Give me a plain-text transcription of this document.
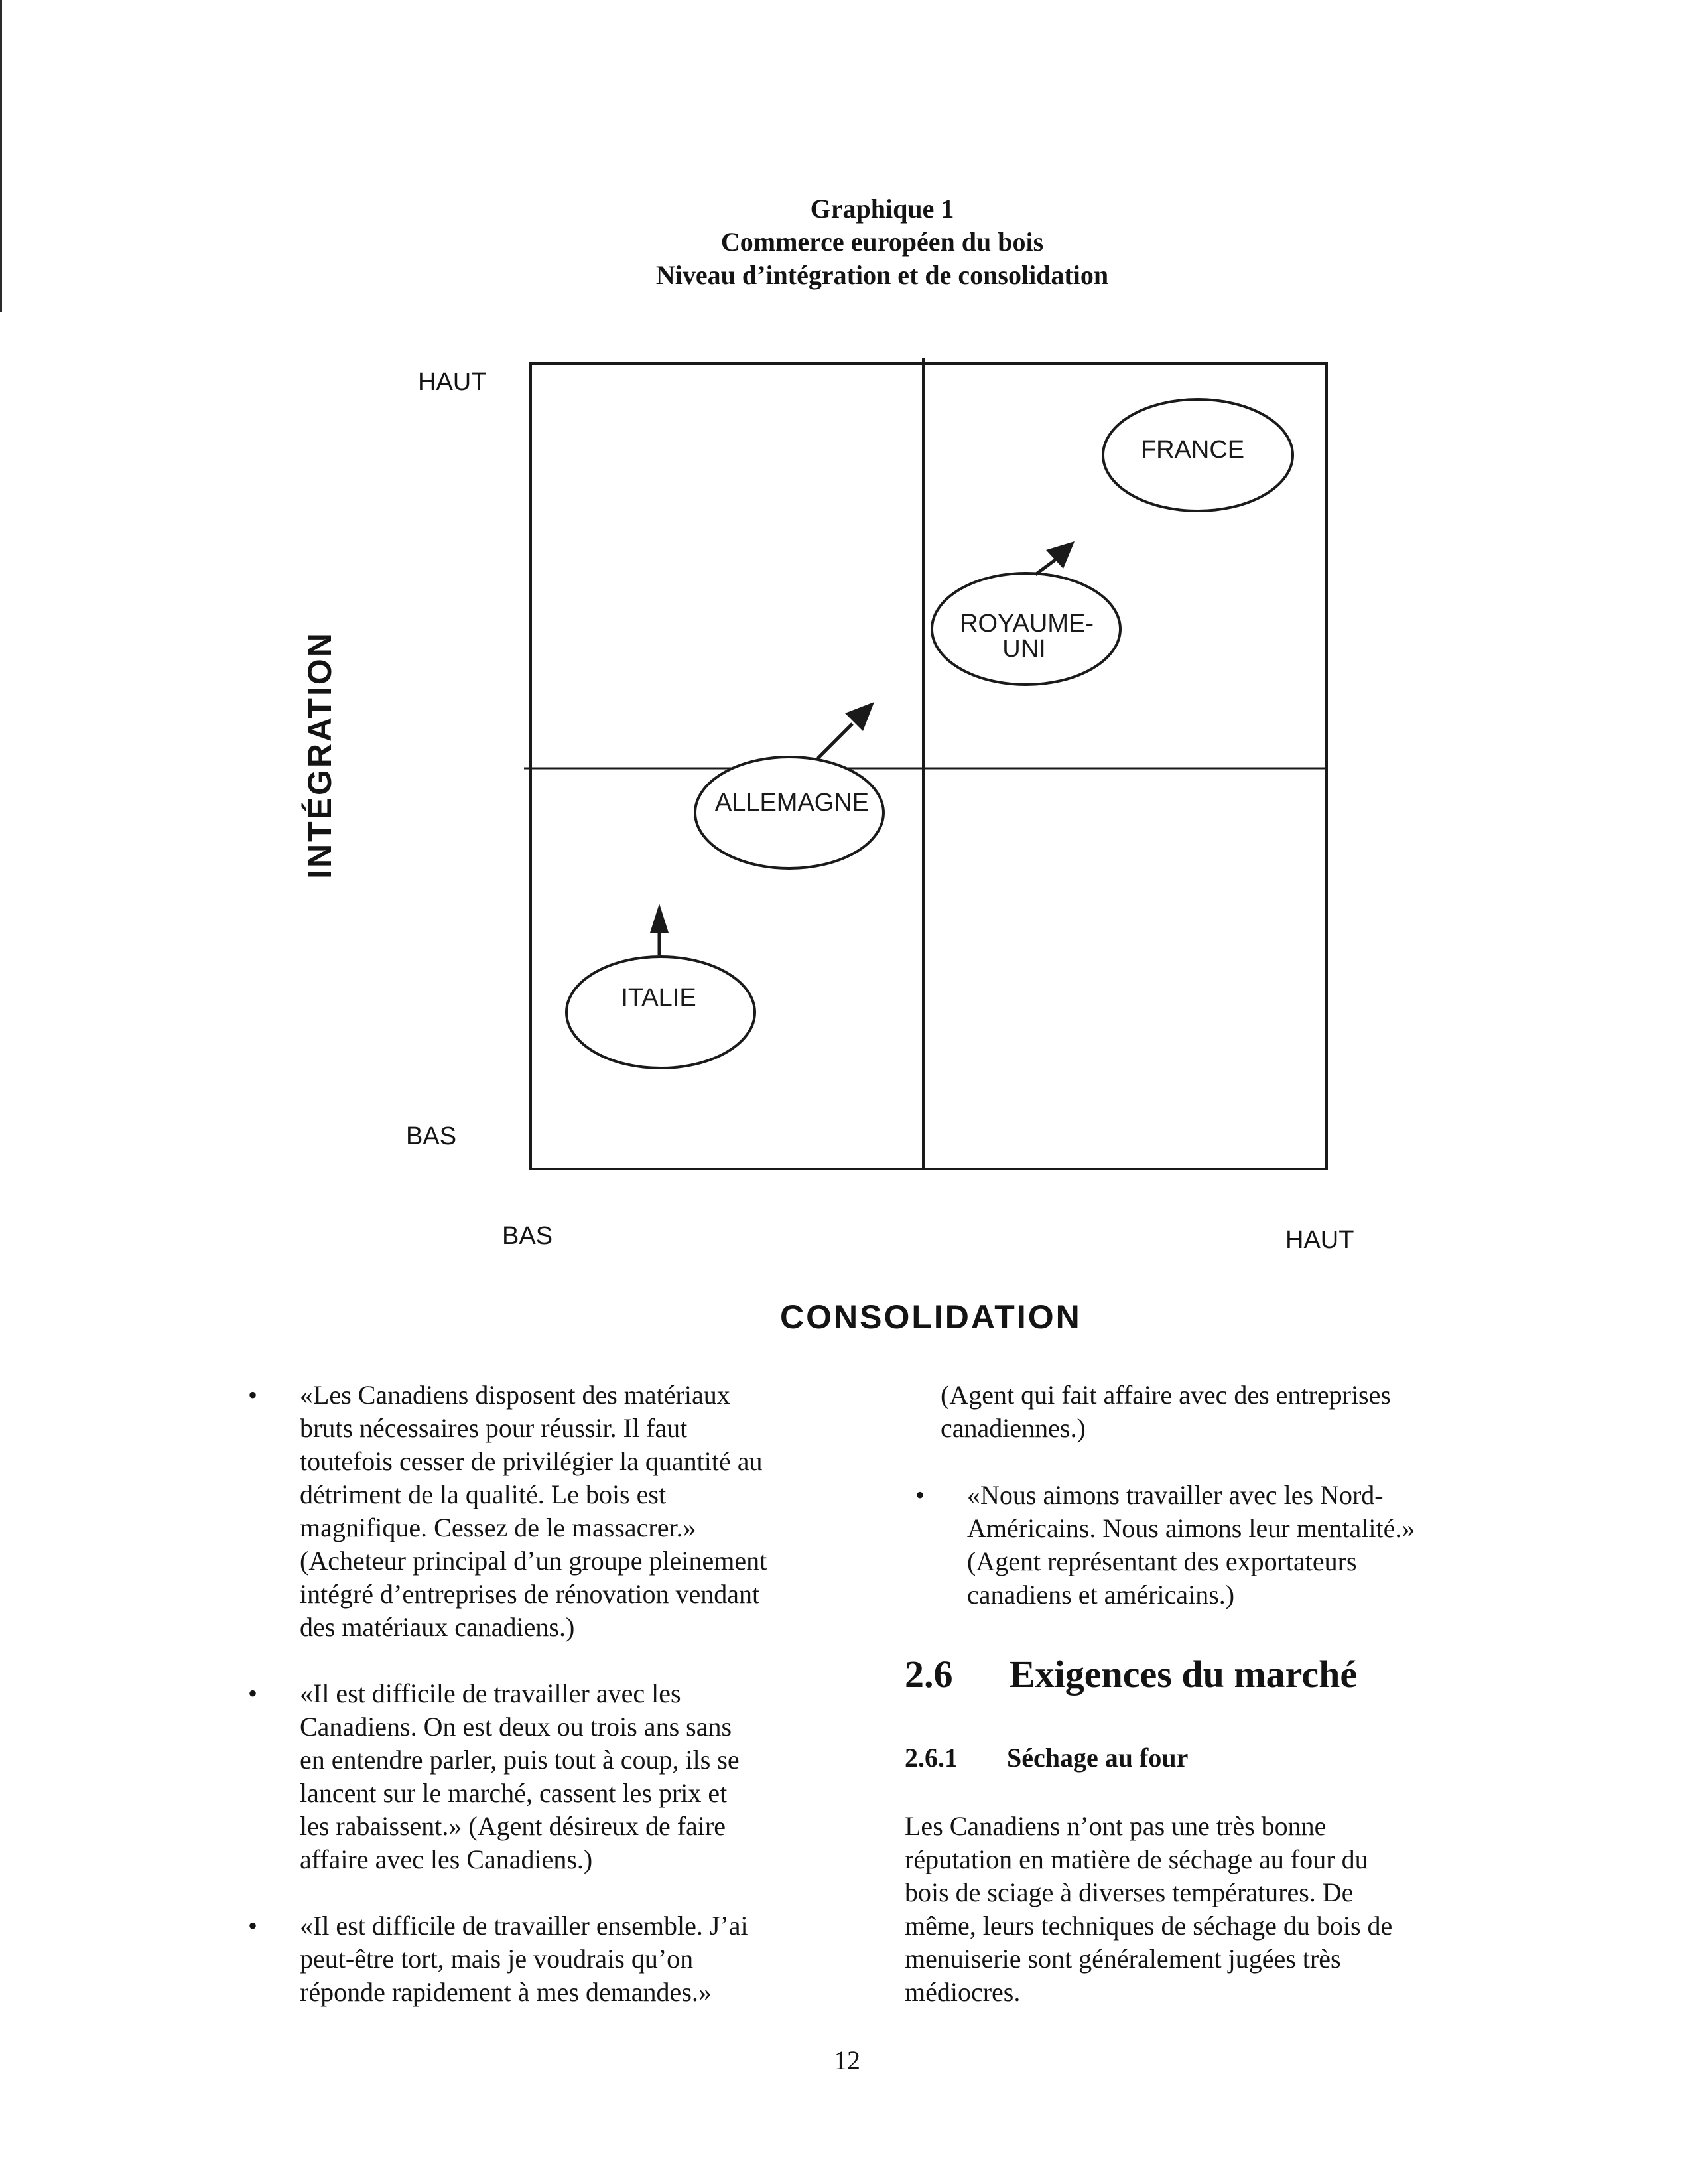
Graphique 1
Commerce européen du bois
Niveau d’intégration et de consolidation
FRANCE
ROYAUME-
UNI
ALLEMAGNE
ITALIE
HAUT
BAS
BAS	HAUT
INTÉGRATION
CONSOLIDATION
• «Les Canadiens disposent des matériaux
bruts nécessaires pour réussir. Il faut
toutefois cesser de privilégier la quantité au
détriment de la qualité. Le bois est
magnifique. Cessez de le massacrer.»
(Acheteur principal d’un groupe pleinement
intégré d’entreprises de rénovation vendant
des matériaux canadiens.)
• «Il est difficile de travailler avec les
Canadiens. On est deux ou trois ans sans
en entendre parler, puis tout à coup, ils se
lancent sur le marché, cassent les prix et
les rabaissent.» (Agent désireux de faire
affaire avec les Canadiens.)
• «Il est difficile de travailler ensemble. J’ai
peut-être tort, mais je voudrais qu’on
réponde rapidement à mes demandes.»
(Agent qui fait affaire avec des entreprises
canadiennes.)
• «Nous aimons travailler avec les Nord-
Américains. Nous aimons leur mentalité.»
(Agent représentant des exportateurs
canadiens et américains.)
2.6 Exigences du marché
2.6.1 Séchage au four
Les Canadiens n’ont pas une très bonne
réputation en matière de séchage au four du
bois de sciage à diverses températures. De
même, leurs techniques de séchage du bois de
menuiserie sont généralement jugées très
médiocres.
12
